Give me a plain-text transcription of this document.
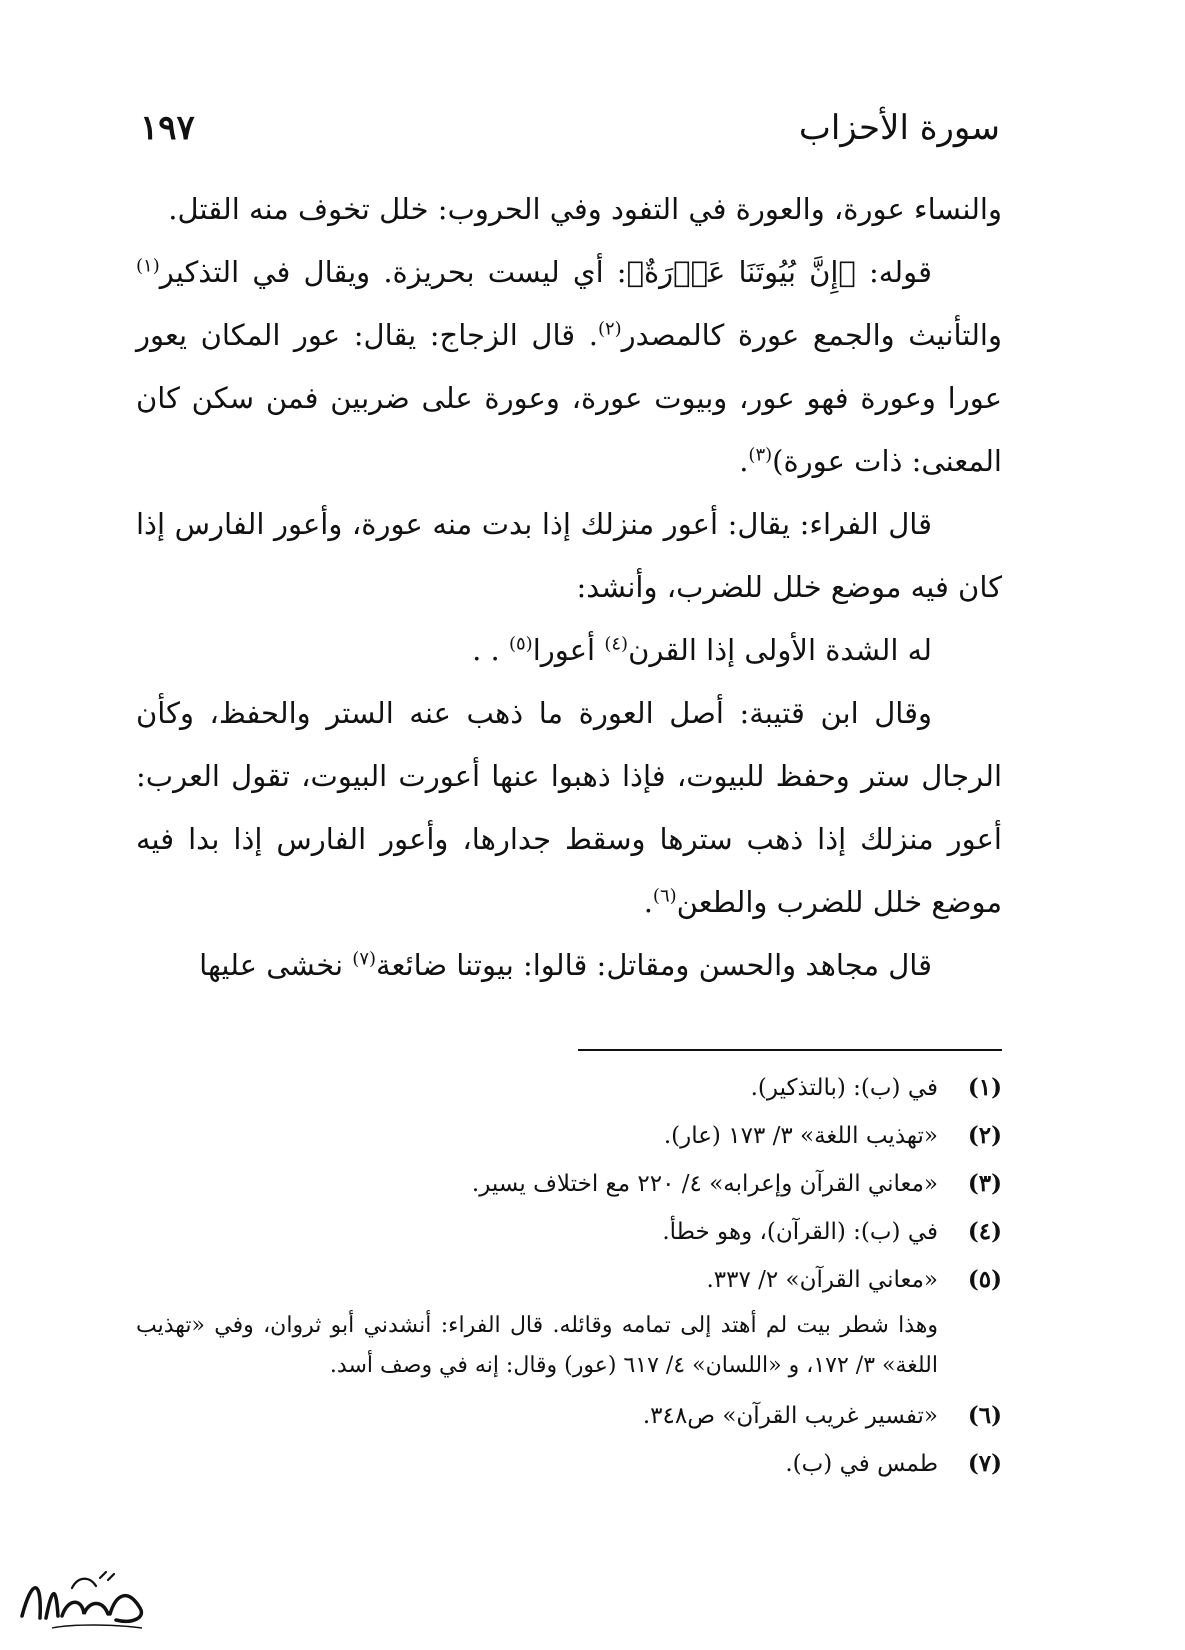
سورة الأحزاب
١٩٧

والنساء عورة، والعورة في التفود وفي الحروب: خلل تخوف منه القتل.

قوله: ﴿إِنَّ بُيُوتَنَا عَوۡرَةٌ﴾: أي ليست بحريزة. ويقال في التذكير$^{(١)}$ والتأنيث والجمع عورة كالمصدر$^{(٢)}$. قال الزجاج: يقال: عور المكان يعور عورا وعورة فهو عور، وبيوت عورة، وعورة على ضربين فمن سكن كان المعنى: ذات عورة)$^{(٣)}$.

قال الفراء: يقال: أعور منزلك إذا بدت منه عورة، وأعور الفارس إذا كان فيه موضع خلل للضرب، وأنشد:

له الشدة الأولى إذا القرن$^{(٤)}$ أعورا$^{(٥)}$ . .

وقال ابن قتيبة: أصل العورة ما ذهب عنه الستر والحفظ، وكأن الرجال ستر وحفظ للبيوت، فإذا ذهبوا عنها أعورت البيوت، تقول العرب: أعور منزلك إذا ذهب سترها وسقط جدارها، وأعور الفارس إذا بدا فيه موضع خلل للضرب والطعن$^{(٦)}$.

قال مجاهد والحسن ومقاتل: قالوا: بيوتنا ضائعة$^{(٧)}$ نخشى عليها

(١)
في (ب): (بالتذكير).
(٢)
«تهذيب اللغة» ٣/ ١٧٣ (عار).
(٣)
«معاني القرآن وإعرابه» ٤/ ٢٢٠ مع اختلاف يسير.
(٤)
في (ب): (القرآن)، وهو خطأ.
(٥)
«معاني القرآن» ٢/ ٣٣٧.
وهذا شطر بيت لم أهتد إلى تمامه وقائله. قال الفراء: أنشدني أبو ثروان، وفي «تهذيب اللغة» ٣/ ١٧٢، و «اللسان» ٤/ ٦١٧ (عور) وقال: إنه في وصف أسد.
(٦)
«تفسير غريب القرآن» ص٣٤٨.
(٧)
طمس في (ب).
